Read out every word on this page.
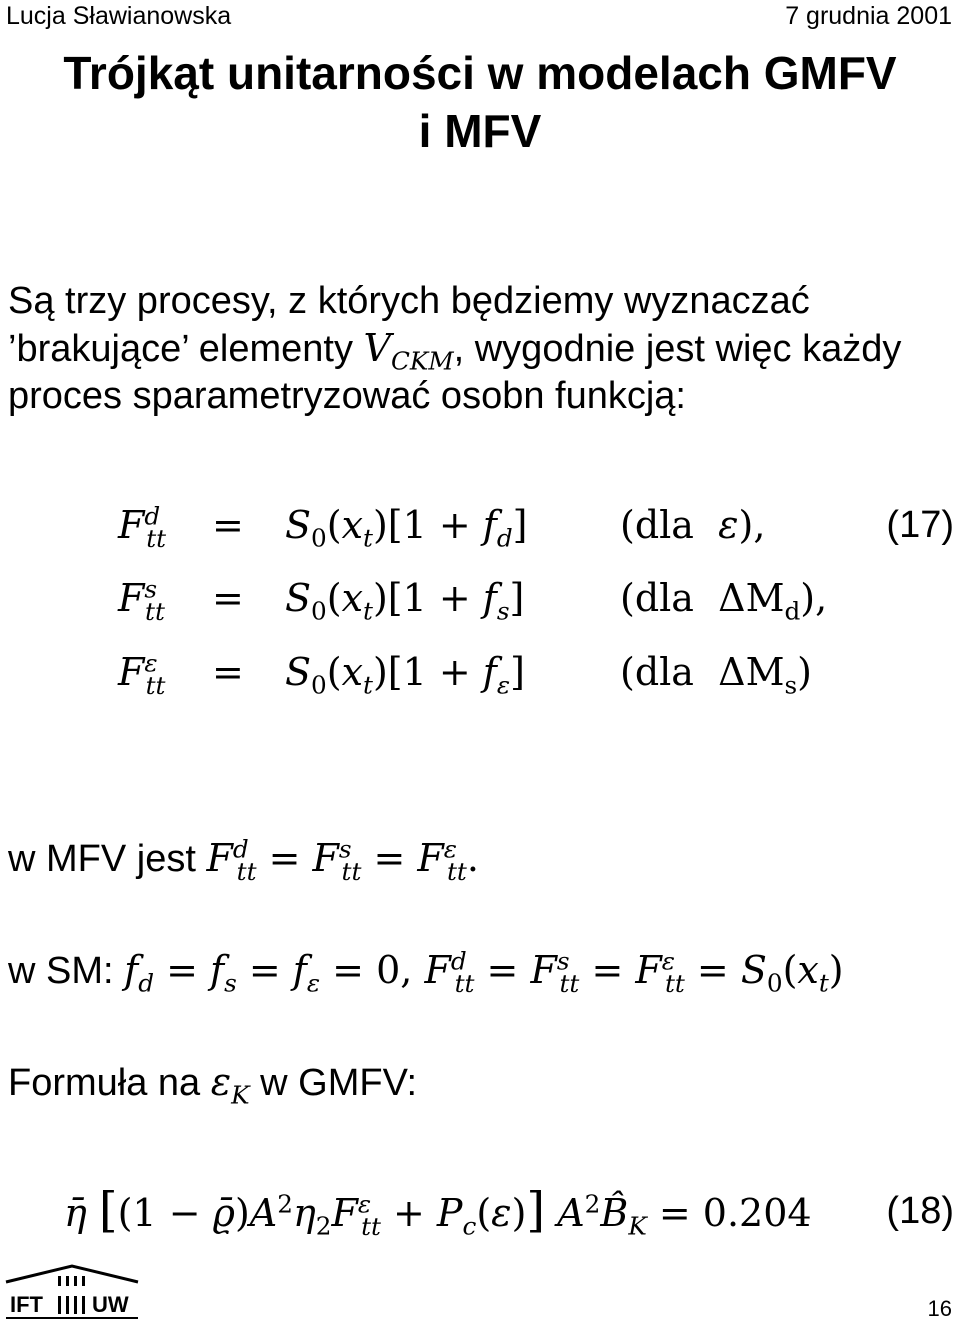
Lucja Sławianowska	7 grudnia 2001
Trójkąt unitarności w modelach GMFV
i MFV
Są trzy procesy, z których będziemy wyznaczać ’brakujące’ elementy $V_{CKM}$, wygodnie jest więc każdy proces sparametryzować osobn funkcją:
$F^d_{tt} = S_0(x_t)[1 + f_d]$ (dla ε),	(17)
$F^s_{tt} = S_0(x_t)[1 + f_s]$	(dla  $\Delta M_d$),
$F^\varepsilon_{tt} = S_0(x_t)[1 + f_\varepsilon]$	(dla  $\Delta M_s$)
w MFV jest $F^d_{tt} = F^s_{tt} = F^\varepsilon_{tt}$.
w SM: $f_d = f_s = f_\varepsilon = 0$, $F^d_{tt} = F^s_{tt} = F^\varepsilon_{tt} = S_0(x_t)$
Formuła na $\varepsilon_K$ w GMFV:
η̄ $[(1 - ϱ̄)A^2\eta_2F^\varepsilon_{tt} + P_c(\varepsilon)]$ $A^2B̂_K = 0.204$ (18)
IFT UW	16
